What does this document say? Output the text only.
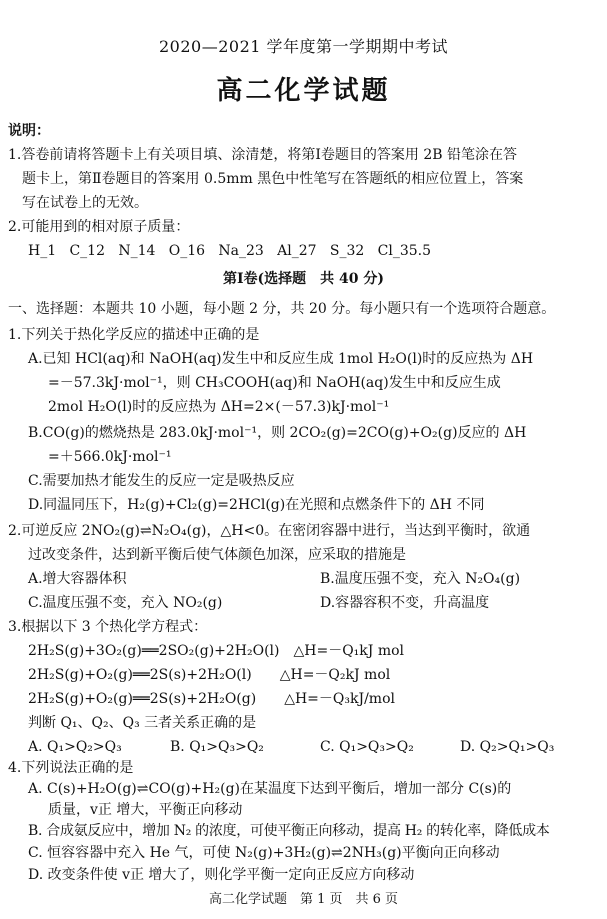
2020—2021 学年度第一学期期中考试
高二化学试题
说明：
1.答卷前请将答题卡上有关项目填、涂清楚，将第Ⅰ卷题目的答案用 2B 铅笔涂在答
题卡上，第Ⅱ卷题目的答案用 0.5mm 黑色中性笔写在答题纸的相应位置上，答案
写在试卷上的无效。
2.可能用到的相对原子质量：
H_1   C_12   N_14   O_16   Na_23   Al_27   S_32   Cl_35.5
第Ⅰ卷(选择题　共 40 分)
一、选择题：本题共 10 小题，每小题 2 分，共 20 分。每小题只有一个选项符合题意。
1.下列关于热化学反应的描述中正确的是
A.已知 HCl(aq)和 NaOH(aq)发生中和反应生成 1mol H₂O(l)时的反应热为 ΔH
=－57.3kJ·mol⁻¹，则 CH₃COOH(aq)和 NaOH(aq)发生中和反应生成
2mol H₂O(l)时的反应热为 ΔH=2×(－57.3)kJ·mol⁻¹
B.CO(g)的燃烧热是 283.0kJ·mol⁻¹，则 2CO₂(g)=2CO(g)+O₂(g)反应的 ΔH
=＋566.0kJ·mol⁻¹
C.需要加热才能发生的反应一定是吸热反应
D.同温同压下，H₂(g)+Cl₂(g)=2HCl(g)在光照和点燃条件下的 ΔH 不同
2.可逆反应 2NO₂(g)⇌N₂O₄(g)，△H<0。在密闭容器中进行，当达到平衡时，欲通
过改变条件，达到新平衡后使气体颜色加深，应采取的措施是
A.增大容器体积	B.温度压强不变，充入 N₂O₄(g)
C.温度压强不变，充入 NO₂(g)	D.容器容积不变，升高温度
3.根据以下 3 个热化学方程式：
2H₂S(g)+3O₂(g)══2SO₂(g)+2H₂O(l)　△H=－Q₁kJ mol
2H₂S(g)+O₂(g)══2S(s)+2H₂O(l)　　△H=－Q₂kJ mol
2H₂S(g)+O₂(g)══2S(s)+2H₂O(g)　　△H=－Q₃kJ/mol
判断 Q₁、Q₂、Q₃ 三者关系正确的是
A. Q₁>Q₂>Q₃	B. Q₁>Q₃>Q₂	C. Q₁>Q₃>Q₂	D. Q₂>Q₁>Q₃
4.下列说法正确的是
A. C(s)+H₂O(g)⇌CO(g)+H₂(g)在某温度下达到平衡后，增加一部分 C(s)的
质量，v正 增大，平衡正向移动
B. 合成氨反应中，增加 N₂ 的浓度，可使平衡正向移动，提高 H₂ 的转化率，降低成本
C. 恒容容器中充入 He 气，可使 N₂(g)+3H₂(g)⇌2NH₃(g)平衡向正向移动
高二化学试题　第 1 页　共 6 页
D. 改变条件使 v正 增大了，则化学平衡一定向正反应方向移动
